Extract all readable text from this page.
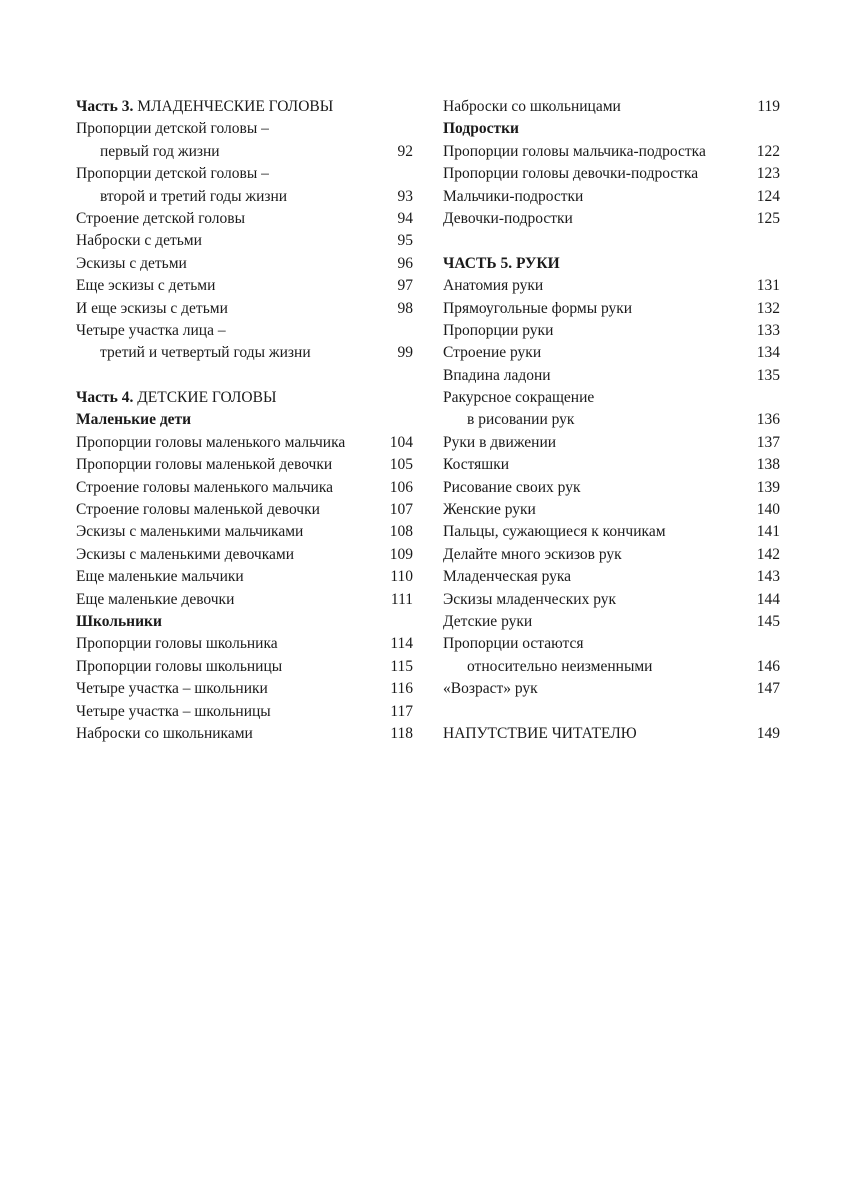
Часть 3. МЛАДЕНЧЕСКИЕ ГОЛОВЫ
Пропорции детской головы –
первый год жизни	92
Пропорции детской головы –
второй и третий годы жизни	93
Строение детской головы	94
Наброски с детьми	95
Эскизы с детьми	96
Еще эскизы с детьми	97
И еще эскизы с детьми	98
Четыре участка лица –
третий и четвертый годы жизни	99
Часть 4. ДЕТСКИЕ ГОЛОВЫ
Маленькие дети
Пропорции головы маленького мальчика	104
Пропорции головы маленькой девочки	105
Строение головы маленького мальчика	106
Строение головы маленькой девочки	107
Эскизы с маленькими мальчиками	108
Эскизы с маленькими девочками	109
Еще маленькие мальчики	110
Еще маленькие девочки	111
Школьники
Пропорции головы школьника	114
Пропорции головы школьницы	115
Четыре участка – школьники	116
Четыре участка – школьницы	117
Наброски со школьниками	118
Наброски со школьницами	119
Подростки
Пропорции головы мальчика-подростка	122
Пропорции головы девочки-подростка	123
Мальчики-подростки	124
Девочки-подростки	125
ЧАСТЬ 5. РУКИ
Анатомия руки	131
Прямоугольные формы руки	132
Пропорции руки	133
Строение руки	134
Впадина ладони	135
Ракурсное сокращение
в рисовании рук	136
Руки в движении	137
Костяшки	138
Рисование своих рук	139
Женские руки	140
Пальцы, сужающиеся к кончикам	141
Делайте много эскизов рук	142
Младенческая рука	143
Эскизы младенческих рук	144
Детские руки	145
Пропорции остаются
относительно неизменными	146
«Возраст» рук	147
НАПУТСТВИЕ ЧИТАТЕЛЮ	149
